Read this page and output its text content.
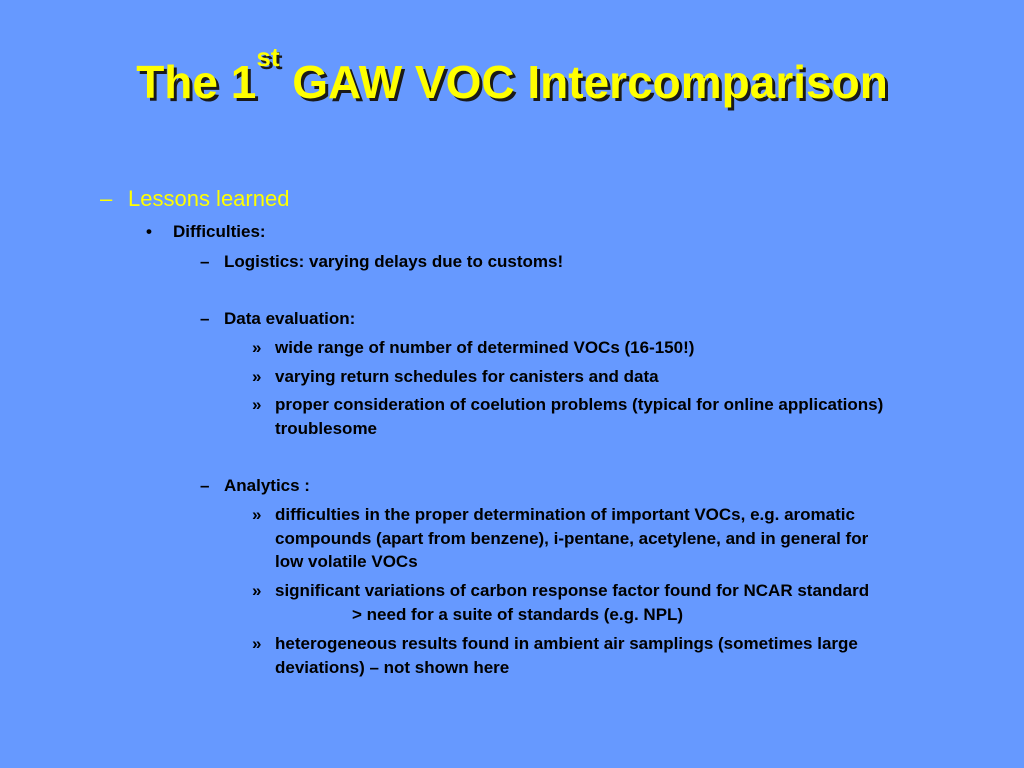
The 1st GAW VOC Intercomparison
– Lessons learned
• Difficulties:
– Logistics: varying delays due to customs!
– Data evaluation:
» wide range of number of determined VOCs (16-150!)
» varying return schedules for canisters and data
» proper consideration of coelution problems (typical for online applications)
troublesome
– Analytics :
» difficulties in the proper determination of important VOCs, e.g. aromatic
compounds (apart from benzene), i-pentane, acetylene, and in general for
low volatile VOCs
» significant variations of carbon response factor found for NCAR standard
> need for a suite of standards (e.g. NPL)
» heterogeneous results found in ambient air samplings (sometimes large
deviations) – not shown here
